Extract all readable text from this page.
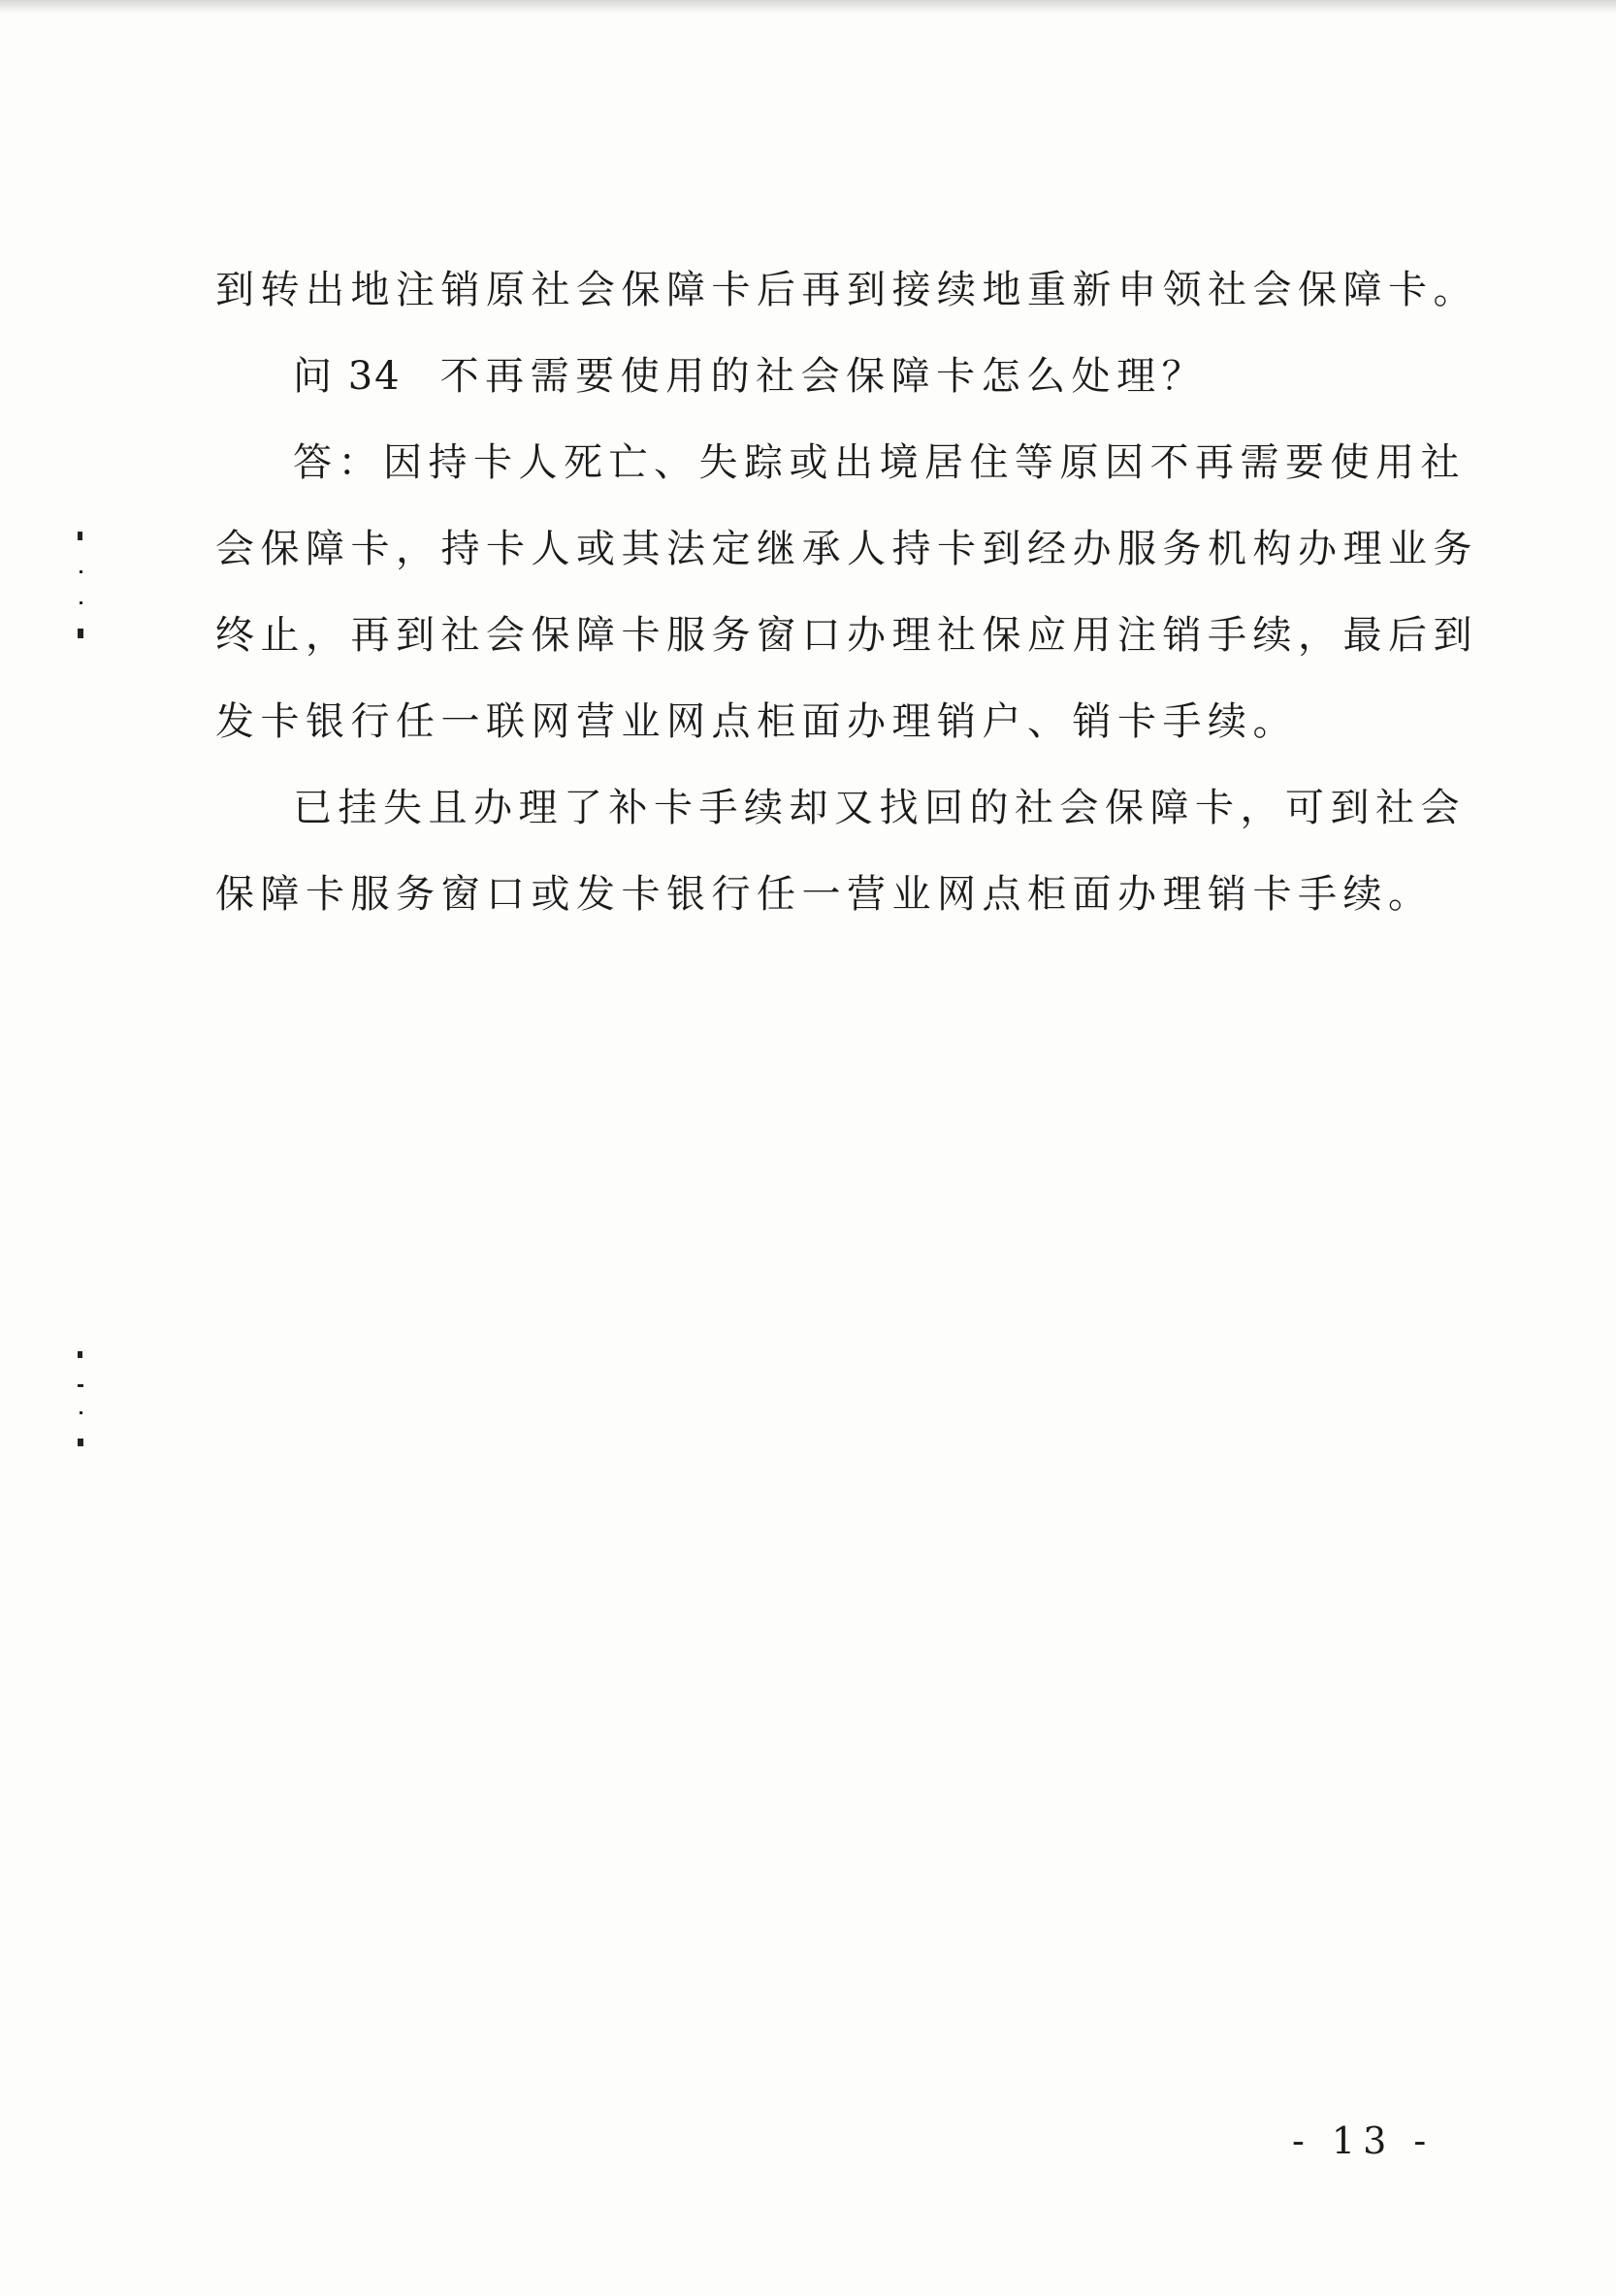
到转出地注销原社会保障卡后再到接续地重新申领社会保障卡。

问 34 不再需要使用的社会保障卡怎么处理？

答：因持卡人死亡、失踪或出境居住等原因不再需要使用社

会保障卡，持卡人或其法定继承人持卡到经办服务机构办理业务

终止，再到社会保障卡服务窗口办理社保应用注销手续，最后到

发卡银行任一联网营业网点柜面办理销户、销卡手续。

已挂失且办理了补卡手续却又找回的社会保障卡，可到社会

保障卡服务窗口或发卡银行任一营业网点柜面办理销卡手续。

- 13 -
